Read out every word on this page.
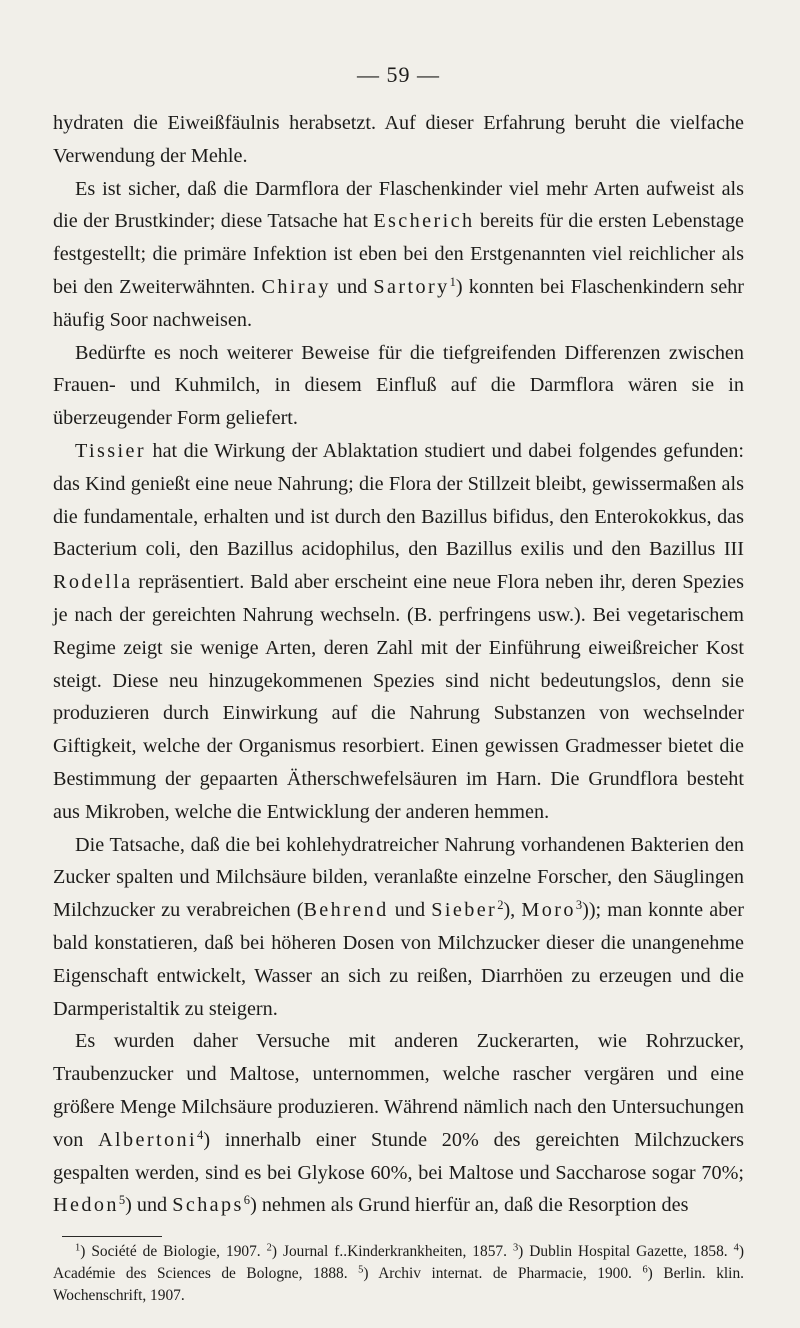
— 59 —

hydraten die Eiweißfäulnis herabsetzt. Auf dieser Erfahrung beruht die vielfache Verwendung der Mehle.

Es ist sicher, daß die Darmflora der Flaschenkinder viel mehr Arten aufweist als die der Brustkinder; diese Tatsache hat Escherich bereits für die ersten Lebenstage festgestellt; die primäre Infektion ist eben bei den Erstgenannten viel reichlicher als bei den Zweiterwähnten. Chiray und Sartory$^1$) konnten bei Flaschenkindern sehr häufig Soor nachweisen.

Bedürfte es noch weiterer Beweise für die tiefgreifenden Differenzen zwischen Frauen- und Kuhmilch, in diesem Einfluß auf die Darmflora wären sie in überzeugender Form geliefert.

Tissier hat die Wirkung der Ablaktation studiert und dabei folgendes gefunden: das Kind genießt eine neue Nahrung; die Flora der Stillzeit bleibt, gewissermaßen als die fundamentale, erhalten und ist durch den Bazillus bifidus, den Enterokokkus, das Bacterium coli, den Bazillus acidophilus, den Bazillus exilis und den Bazillus III Rodella repräsentiert. Bald aber erscheint eine neue Flora neben ihr, deren Spezies je nach der gereichten Nahrung wechseln. (B. perfringens usw.). Bei vegetarischem Regime zeigt sie wenige Arten, deren Zahl mit der Einführung eiweißreicher Kost steigt. Diese neu hinzugekommenen Spezies sind nicht bedeutungslos, denn sie produzieren durch Einwirkung auf die Nahrung Substanzen von wechselnder Giftigkeit, welche der Organismus resorbiert. Einen gewissen Gradmesser bietet die Bestimmung der gepaarten Ätherschwefelsäuren im Harn. Die Grundflora besteht aus Mikroben, welche die Entwicklung der anderen hemmen.

Die Tatsache, daß die bei kohlehydratreicher Nahrung vorhandenen Bakterien den Zucker spalten und Milchsäure bilden, veranlaßte einzelne Forscher, den Säuglingen Milchzucker zu verabreichen (Behrend und Sieber$^2$), Moro$^3$)); man konnte aber bald konstatieren, daß bei höheren Dosen von Milchzucker dieser die unangenehme Eigenschaft entwickelt, Wasser an sich zu reißen, Diarrhöen zu erzeugen und die Darmperistaltik zu steigern.

Es wurden daher Versuche mit anderen Zuckerarten, wie Rohrzucker, Traubenzucker und Maltose, unternommen, welche rascher vergären und eine größere Menge Milchsäure produzieren. Während nämlich nach den Untersuchungen von Albertoni$^4$) innerhalb einer Stunde 20% des gereichten Milchzuckers gespalten werden, sind es bei Glykose 60%, bei Maltose und Saccharose sogar 70%; Hedon$^5$) und Schaps$^6$) nehmen als Grund hierfür an, daß die Resorption des

$^1$) Société de Biologie, 1907. $^2$) Journal f..Kinderkrankheiten, 1857. $^3$) Dublin Hospital Gazette, 1858. $^4$) Académie des Sciences de Bologne, 1888. $^5$) Archiv internat. de Pharmacie, 1900. $^6$) Berlin. klin. Wochenschrift, 1907.
